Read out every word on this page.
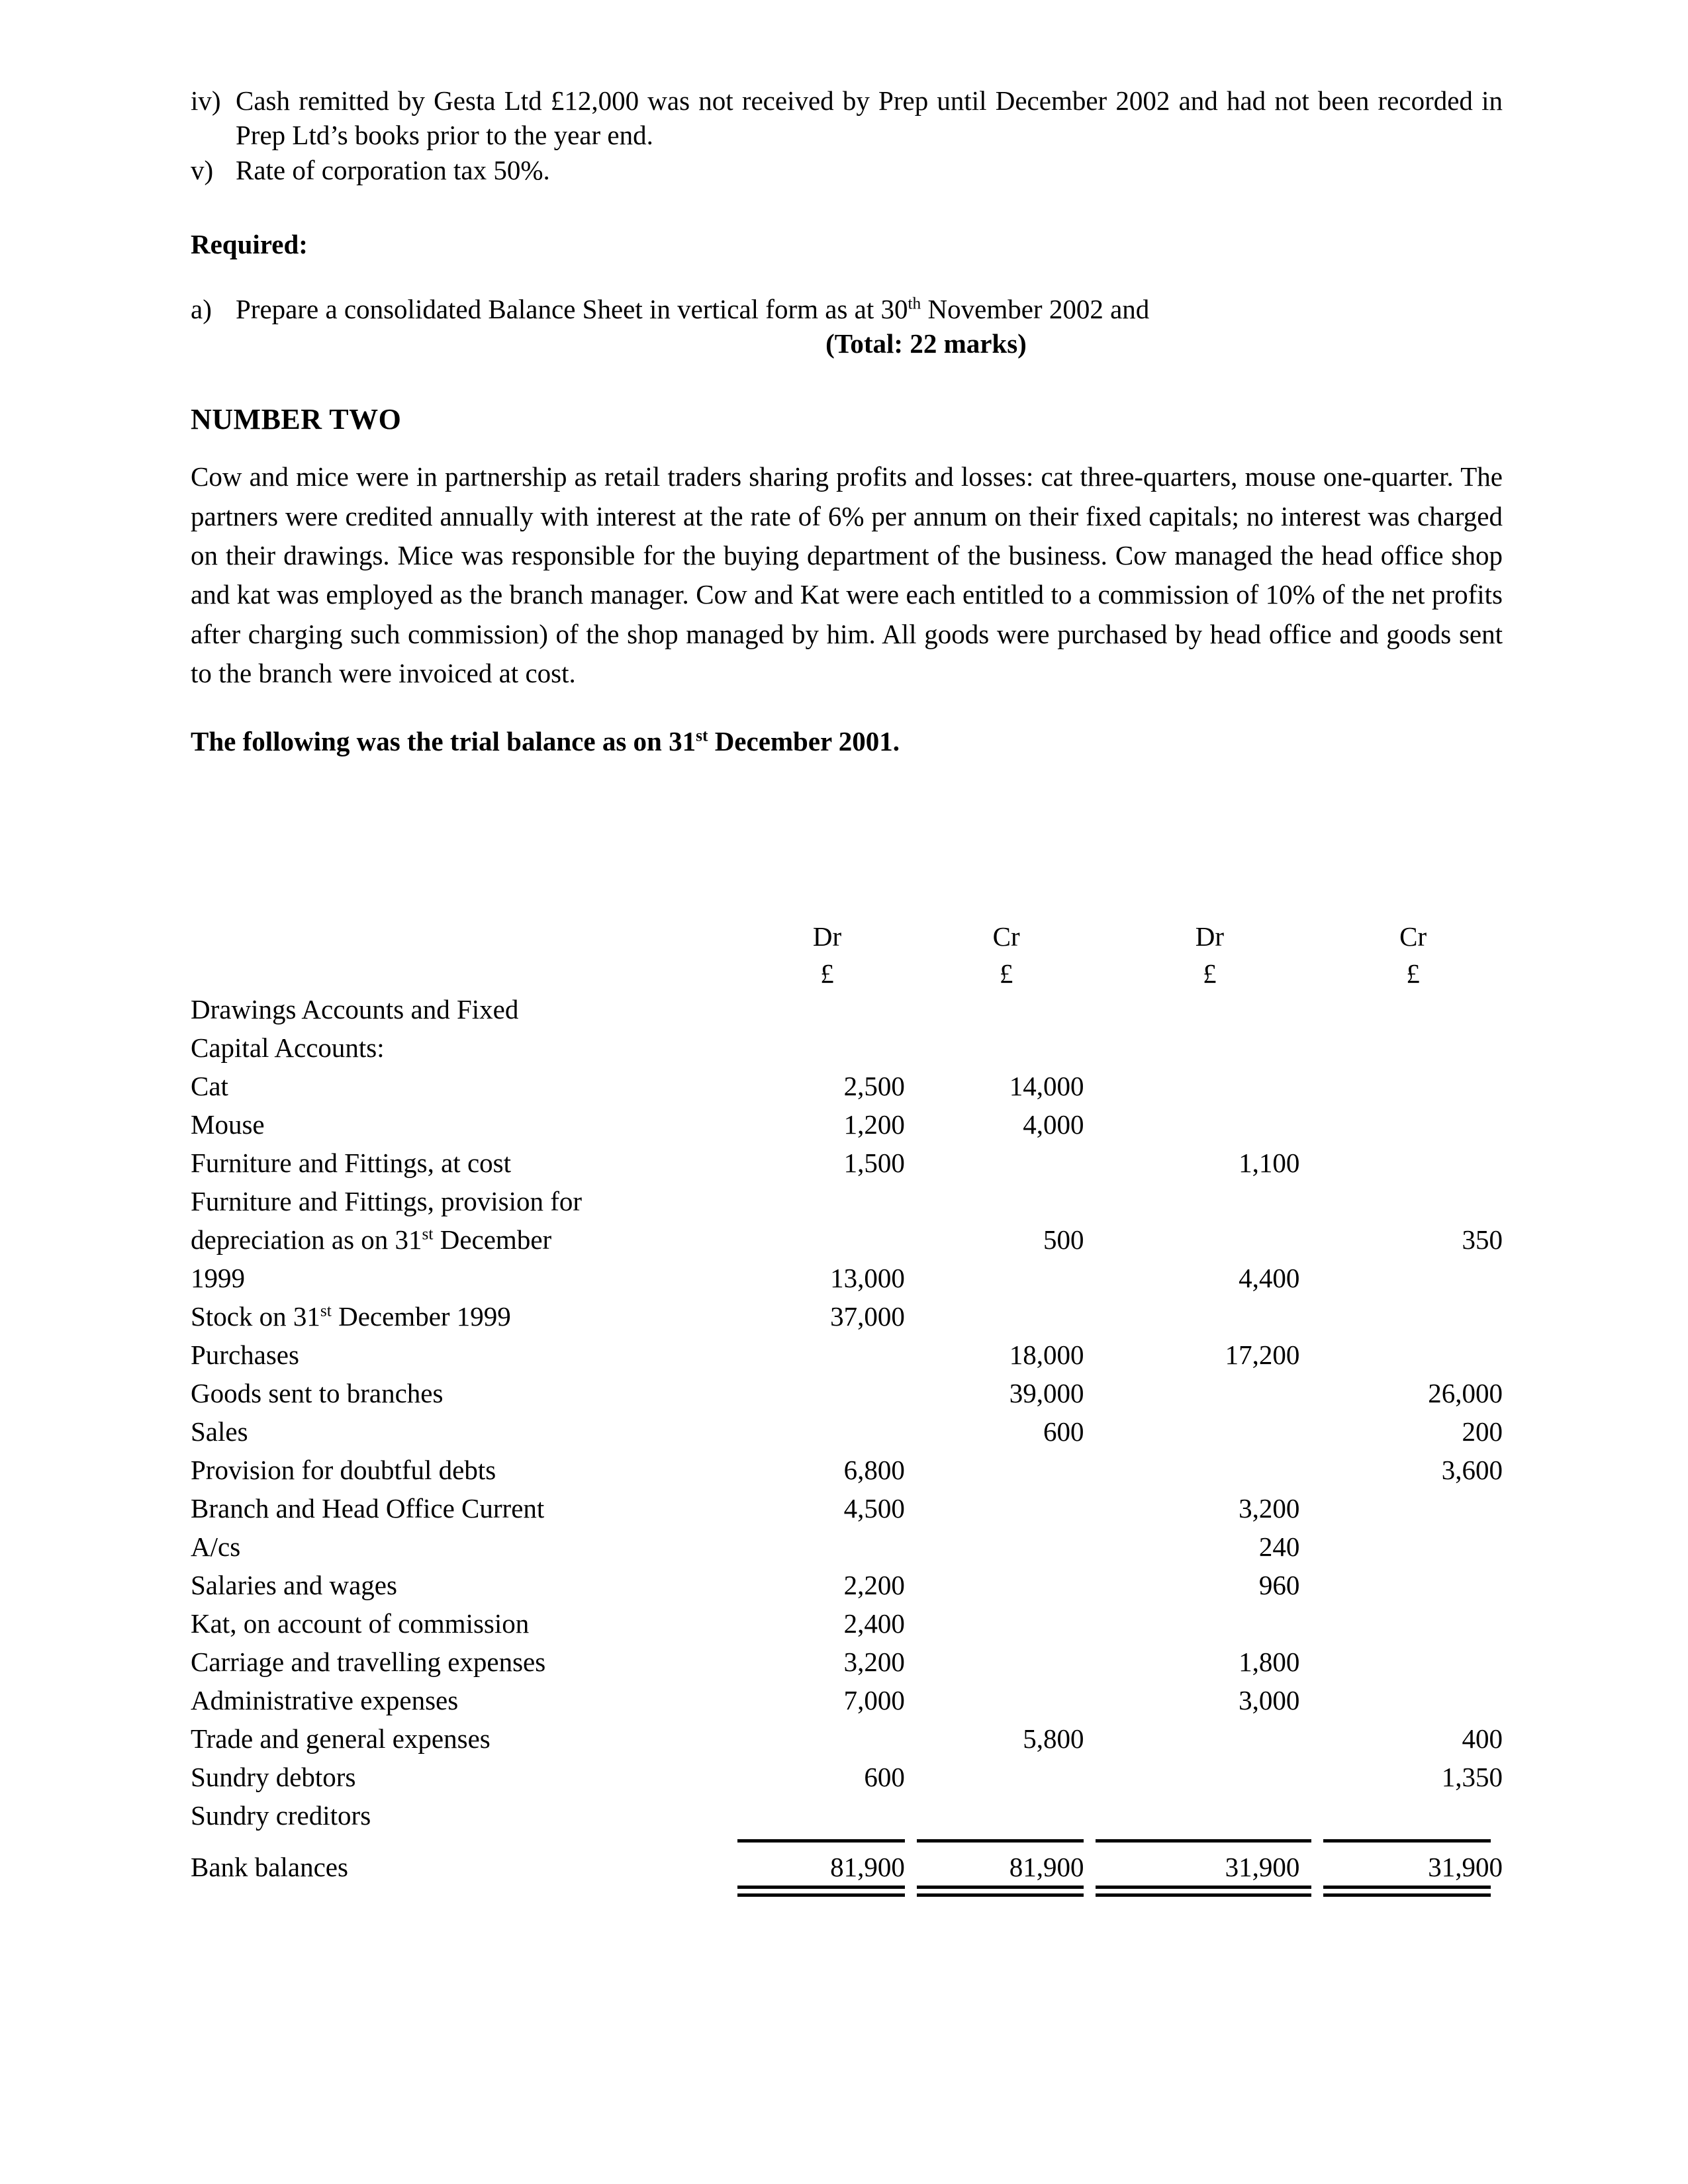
iv) Cash remitted by Gesta Ltd £12,000 was not received by Prep until December 2002 and had not been recorded in Prep Ltd’s books prior to the year end.
v) Rate of corporation tax 50%.
Required:
a) Prepare a consolidated Balance Sheet in vertical form as at 30th November 2002 and
(Total: 22 marks)
NUMBER TWO
Cow and mice were in partnership as retail traders sharing profits and losses: cat three-quarters, mouse one-quarter. The partners were credited annually with interest at the rate of 6% per annum on their fixed capitals; no interest was charged on their drawings. Mice was responsible for the buying department of the business. Cow managed the head office shop and kat was employed as the branch manager. Cow and Kat were each entitled to a commission of 10% of the net profits after charging such commission) of the shop managed by him. All goods were purchased by head office and goods sent to the branch were invoiced at cost.
The following was the trial balance as on 31st December 2001.
	Dr	Cr	Dr	Cr
	£	£	£	£
Drawings Accounts and Fixed				
Capital Accounts:				
Cat	2,500	14,000		
Mouse	1,200	4,000		
Furniture and Fittings, at cost	1,500		1,100	
Furniture and Fittings, provision for				
depreciation as on 31st December		500		350
1999	13,000		4,400	
Stock on 31st December 1999	37,000			
Purchases		18,000	17,200	
Goods sent to branches		39,000		26,000
Sales		600		200
Provision for doubtful debts	6,800			3,600
Branch and Head Office Current	4,500		3,200	
A/cs			240	
Salaries and wages	2,200		960	
Kat, on account of commission	2,400			
Carriage and travelling expenses	3,200		1,800	
Administrative expenses	7,000		3,000	
Trade and general expenses		5,800		400
Sundry debtors	600			1,350
Sundry creditors				

Bank balances	81,900	81,900	31,900	31,900
